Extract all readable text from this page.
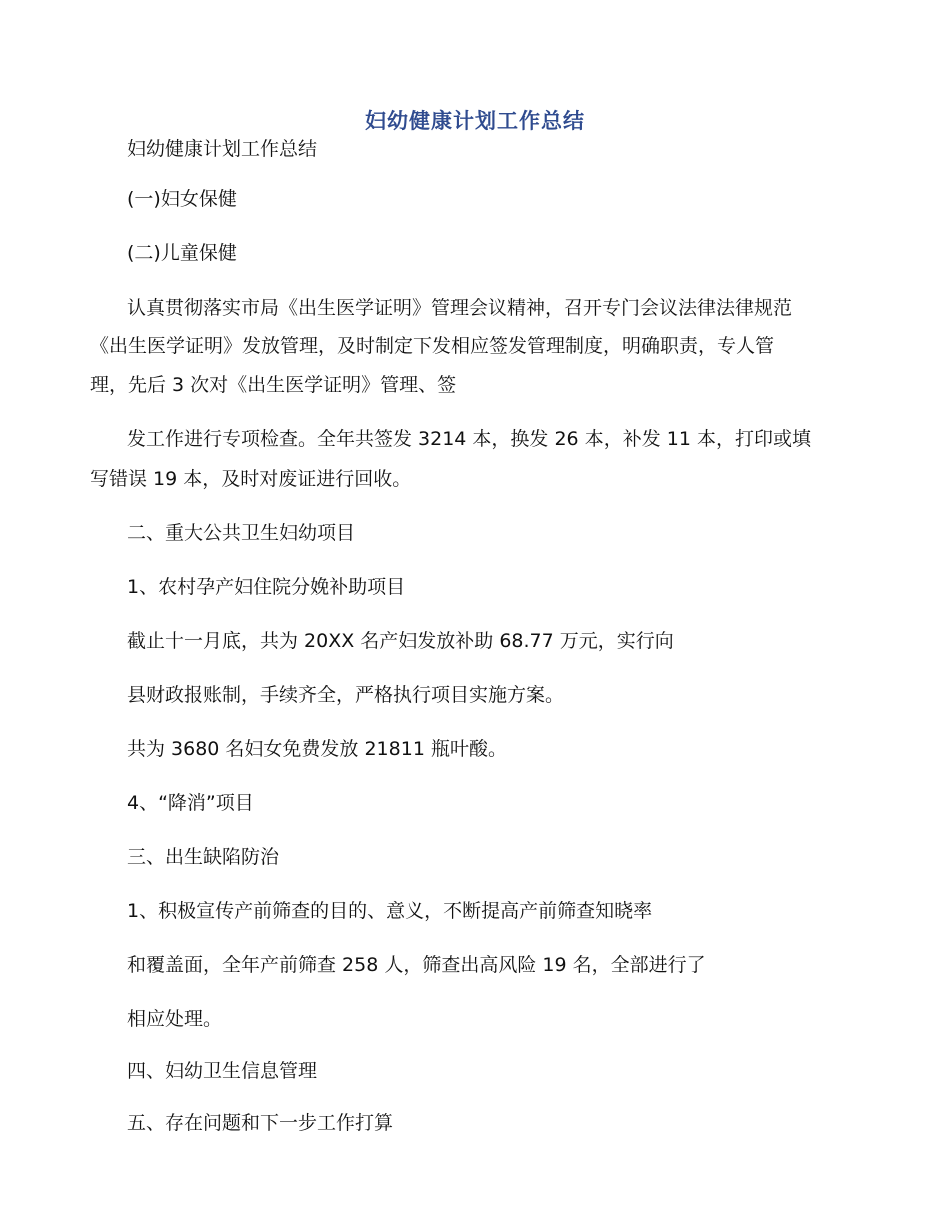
妇幼健康计划工作总结
妇幼健康计划工作总结
(一)妇女保健
(二)儿童保健
认真贯彻落实市局《出生医学证明》管理会议精神，召开专门会议法律法律规范
《出生医学证明》发放管理，及时制定下发相应签发管理制度，明确职责，专人管
理，先后 3 次对《出生医学证明》管理、签
发工作进行专项检查。全年共签发 3214 本，换发 26 本，补发 11 本，打印或填
写错误 19 本，及时对废证进行回收。
二、重大公共卫生妇幼项目
1、农村孕产妇住院分娩补助项目
截止十一月底，共为 20XX 名产妇发放补助 68.77 万元，实行向
县财政报账制，手续齐全，严格执行项目实施方案。
共为 3680 名妇女免费发放 21811 瓶叶酸。
4、“降消”项目
三、出生缺陷防治
1、积极宣传产前筛查的目的、意义，不断提高产前筛查知晓率
和覆盖面，全年产前筛查 258 人，筛查出高风险 19 名，全部进行了
相应处理。
四、妇幼卫生信息管理
五、存在问题和下一步工作打算
